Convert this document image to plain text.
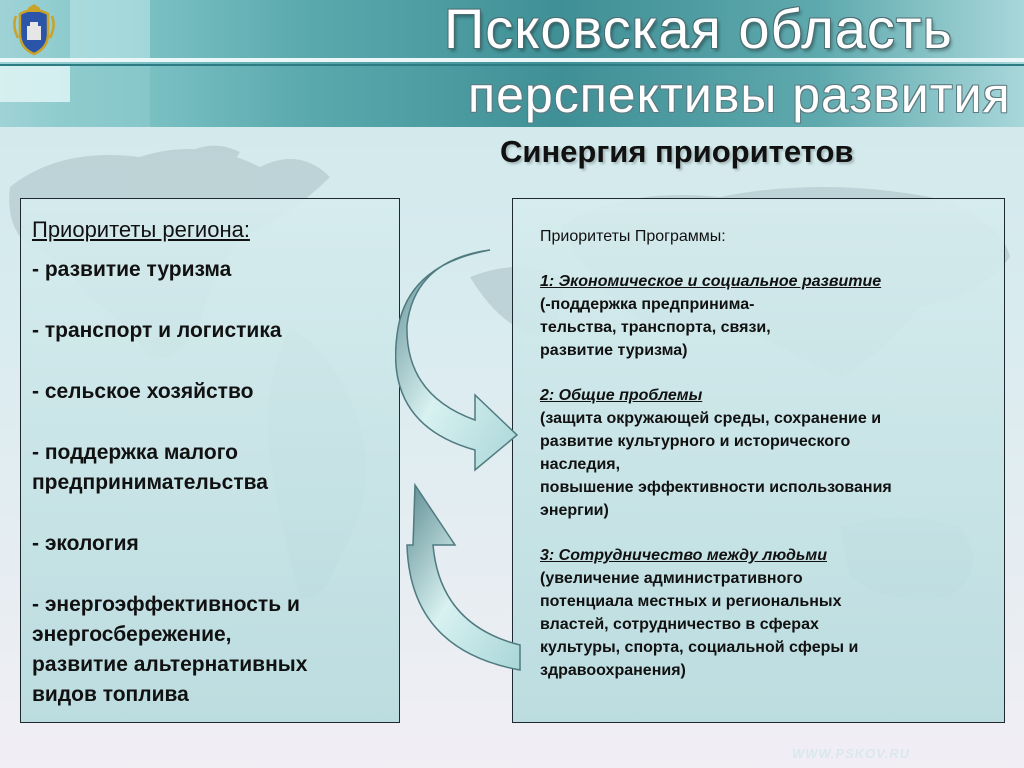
Псковская область
перспективы развития
Синергия приоритетов
Приоритеты региона:
- развитие туризма
- транспорт и логистика
- сельское хозяйство
- поддержка малого
предпринимательства
- экология
- энергоэффективность и
энергосбережение,
развитие альтернативных
видов топлива
Приоритеты Программы:
1: Экономическое и социальное развитие
(-поддержка предпринима-
тельства, транспорта, связи,
развитие туризма)
2: Общие проблемы
(защита окружающей среды, сохранение и
развитие культурного и исторического
наследия,
повышение эффективности использования
энергии)
3: Сотрудничество между людьми
(увеличение административного
потенциала местных и региональных
властей, сотрудничество в сферах
культуры, спорта, социальной сферы и
здравоохранения)
WWW.PSKOV.RU
